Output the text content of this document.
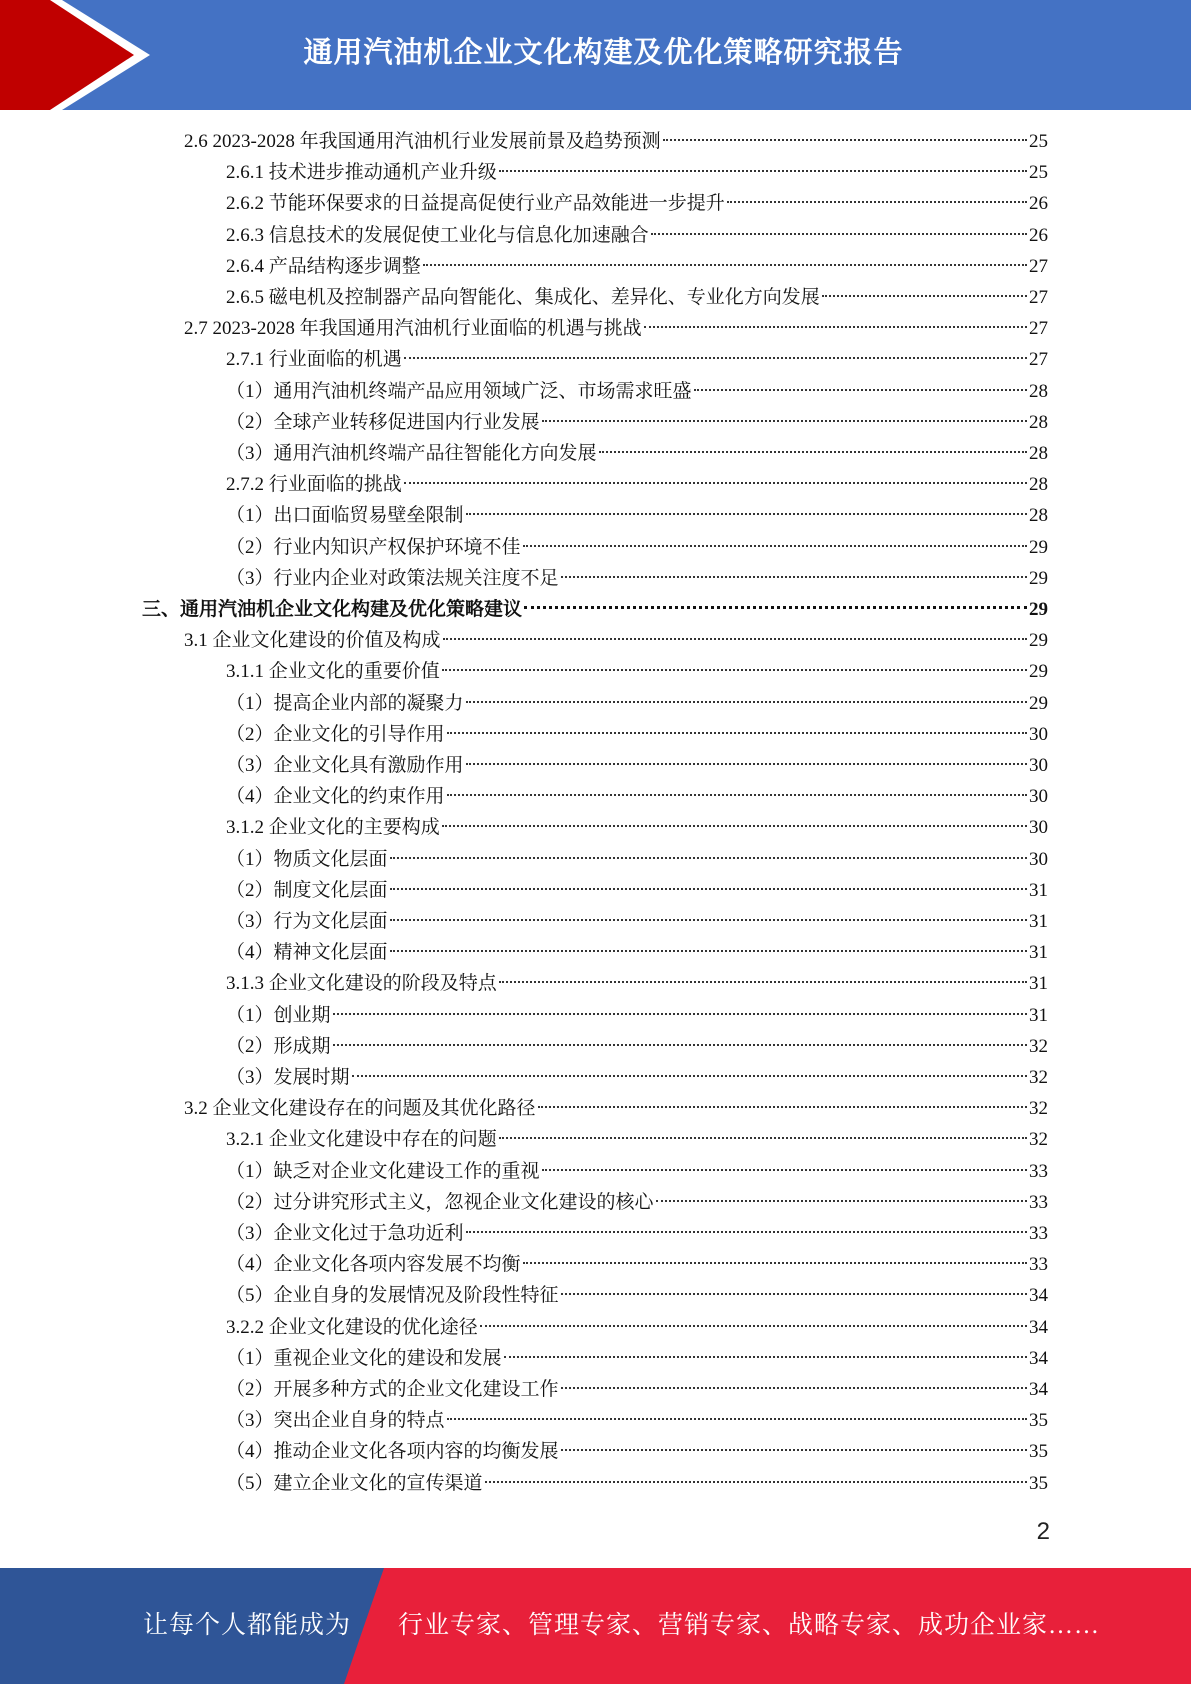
通用汽油机企业文化构建及优化策略研究报告
2.6 2023-2028 年我国通用汽油机行业发展前景及趋势预测	25
2.6.1 技术进步推动通机产业升级	25
2.6.2 节能环保要求的日益提高促使行业产品效能进一步提升	26
2.6.3 信息技术的发展促使工业化与信息化加速融合	26
2.6.4 产品结构逐步调整	27
2.6.5 磁电机及控制器产品向智能化、集成化、差异化、专业化方向发展	27
2.7 2023-2028 年我国通用汽油机行业面临的机遇与挑战	27
2.7.1 行业面临的机遇	27
（1）通用汽油机终端产品应用领域广泛、市场需求旺盛	28
（2）全球产业转移促进国内行业发展	28
（3）通用汽油机终端产品往智能化方向发展	28
2.7.2 行业面临的挑战	28
（1）出口面临贸易壁垒限制	28
（2）行业内知识产权保护环境不佳	29
（3）行业内企业对政策法规关注度不足	29
三、通用汽油机企业文化构建及优化策略建议	29
3.1 企业文化建设的价值及构成	29
3.1.1 企业文化的重要价值	29
（1）提高企业内部的凝聚力	29
（2）企业文化的引导作用	30
（3）企业文化具有激励作用	30
（4）企业文化的约束作用	30
3.1.2 企业文化的主要构成	30
（1）物质文化层面	30
（2）制度文化层面	31
（3）行为文化层面	31
（4）精神文化层面	31
3.1.3 企业文化建设的阶段及特点	31
（1）创业期	31
（2）形成期	32
（3）发展时期	32
3.2 企业文化建设存在的问题及其优化路径	32
3.2.1 企业文化建设中存在的问题	32
（1）缺乏对企业文化建设工作的重视	33
（2）过分讲究形式主义，忽视企业文化建设的核心	33
（3）企业文化过于急功近利	33
（4）企业文化各项内容发展不均衡	33
（5）企业自身的发展情况及阶段性特征	34
3.2.2 企业文化建设的优化途径	34
（1）重视企业文化的建设和发展	34
（2）开展多种方式的企业文化建设工作	34
（3）突出企业自身的特点	35
（4）推动企业文化各项内容的均衡发展	35
（5）建立企业文化的宣传渠道	35
2
让每个人都能成为 行业专家、管理专家、营销专家、战略专家、成功企业家……
